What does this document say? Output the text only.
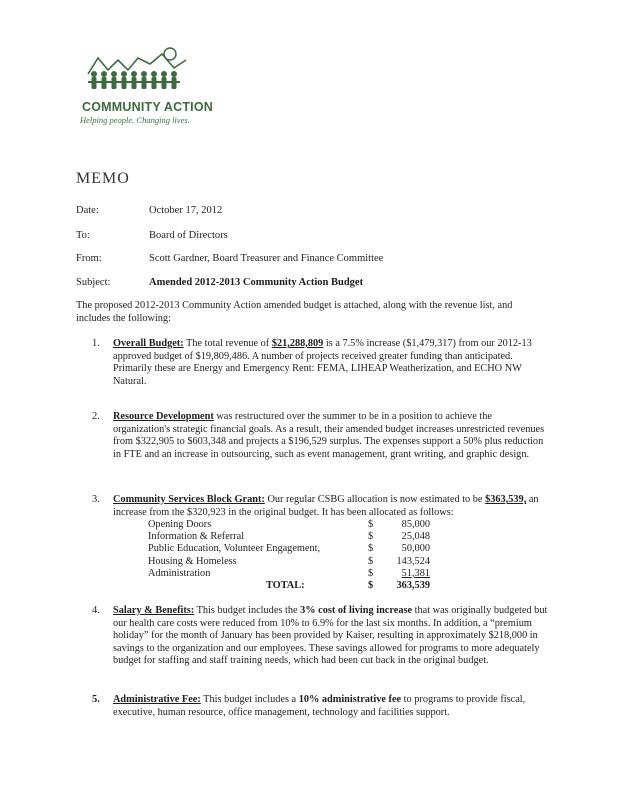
COMMUNITY ACTION
Helping people. Changing lives.
MEMO
Date:	October 17, 2012
To:	Board of Directors
From:	Scott Gardner, Board Treasurer and Finance Committee
Subject:	Amended 2012-2013 Community Action Budget
The proposed 2012-2013 Community Action amended budget is attached, along with the revenue list, and includes the following:
1. Overall Budget: The total revenue of $21,288,809 is a 7.5% increase ($1,479,317) from our 2012-13 approved budget of $19,809,486. A number of projects received greater funding than anticipated. Primarily these are Energy and Emergency Rent: FEMA, LIHEAP Weatherization, and ECHO NW Natural.
2. Resource Development was restructured over the summer to be in a position to achieve the organization's strategic financial goals. As a result, their amended budget increases unrestricted revenues from $322,905 to $603,348 and projects a $196,529 surplus. The expenses support a 50% plus reduction in FTE and an increase in outsourcing, such as event management, grant writing, and graphic design.
3. Community Services Block Grant: Our regular CSBG allocation is now estimated to be $363,539, an increase from the $320,923 in the original budget. It has been allocated as follows:
Opening Doors	$	85,000
Information & Referral	$	25,048
Public Education, Volunteer Engagement,	$	50,000
Housing & Homeless	$	143,524
Administration	$	51,381
TOTAL:	$	363,539
4. Salary & Benefits: This budget includes the 3% cost of living increase that was originally budgeted but our health care costs were reduced from 10% to 6.9% for the last six months. In addition, a “premium holiday” for the month of January has been provided by Kaiser, resulting in approximately $218,000 in savings to the organization and our employees. These savings allowed for programs to more adequately budget for staffing and staff training needs, which had been cut back in the original budget.
5. Administrative Fee: This budget includes a 10% administrative fee to programs to provide fiscal, executive, human resource, office management, technology and facilities support.
